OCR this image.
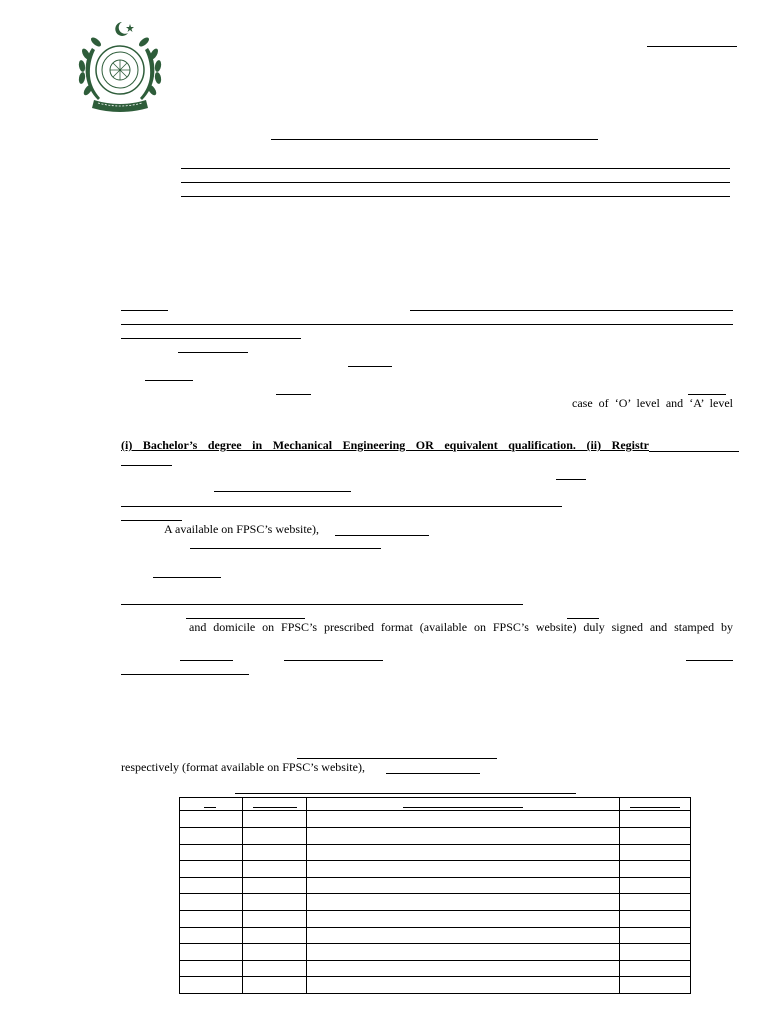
case of ‘O’ level and ‘A’ level
(i) Bachelor’s degree in Mechanical Engineering OR equivalent qualification. (ii) Registr
A available on FPSC’s website),
and domicile on FPSC’s prescribed format (available on FPSC’s website) duly signed and stamped by
respectively (format available on FPSC’s website),
